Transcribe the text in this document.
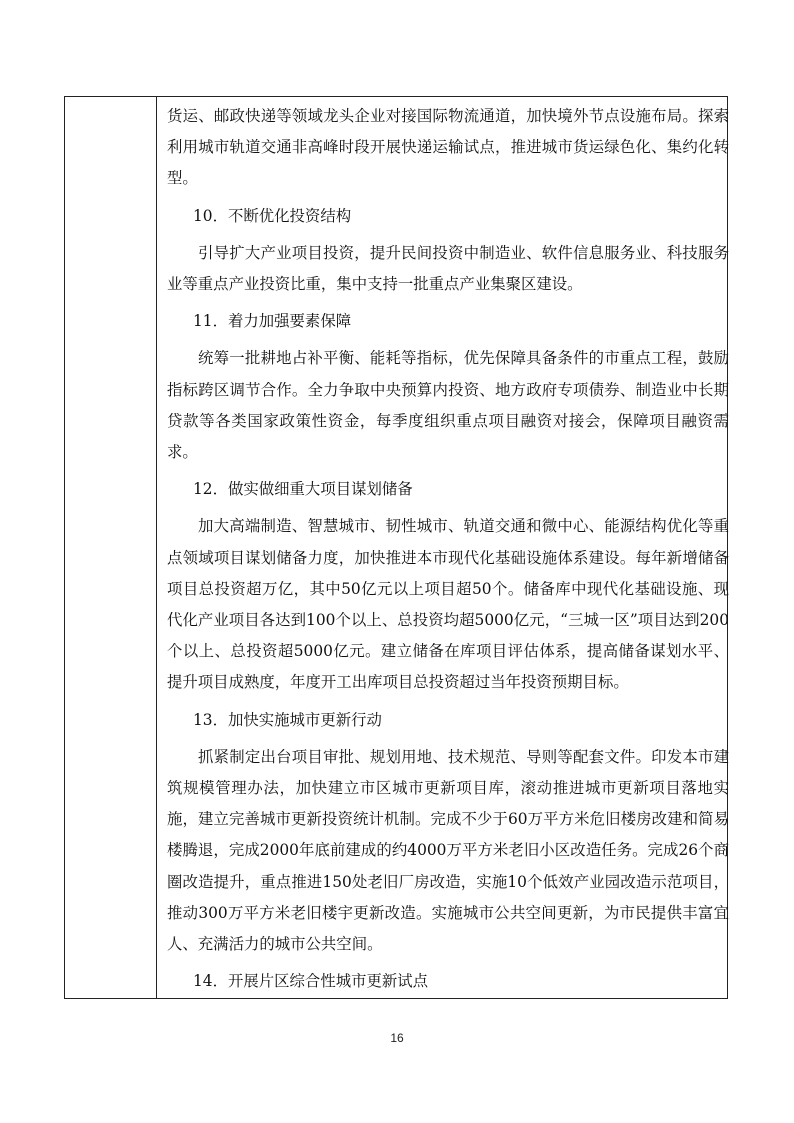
货运、邮政快递等领域龙头企业对接国际物流通道，加快境外节点设施布局。探索利用城市轨道交通非高峰时段开展快递运输试点，推进城市货运绿色化、集约化转型。

10．不断优化投资结构

引导扩大产业项目投资，提升民间投资中制造业、软件信息服务业、科技服务业等重点产业投资比重，集中支持一批重点产业集聚区建设。

11．着力加强要素保障

统筹一批耕地占补平衡、能耗等指标，优先保障具备条件的市重点工程，鼓励指标跨区调节合作。全力争取中央预算内投资、地方政府专项债券、制造业中长期贷款等各类国家政策性资金，每季度组织重点项目融资对接会，保障项目融资需求。

12．做实做细重大项目谋划储备

加大高端制造、智慧城市、韧性城市、轨道交通和微中心、能源结构优化等重点领域项目谋划储备力度，加快推进本市现代化基础设施体系建设。每年新增储备项目总投资超万亿，其中50亿元以上项目超50个。储备库中现代化基础设施、现代化产业项目各达到100个以上、总投资均超5000亿元，“三城一区”项目达到200个以上、总投资超5000亿元。建立储备在库项目评估体系，提高储备谋划水平、提升项目成熟度，年度开工出库项目总投资超过当年投资预期目标。

13．加快实施城市更新行动

抓紧制定出台项目审批、规划用地、技术规范、导则等配套文件。印发本市建筑规模管理办法，加快建立市区城市更新项目库，滚动推进城市更新项目落地实施，建立完善城市更新投资统计机制。完成不少于60万平方米危旧楼房改建和简易楼腾退，完成2000年底前建成的约4000万平方米老旧小区改造任务。完成26个商圈改造提升，重点推进150处老旧厂房改造，实施10个低效产业园改造示范项目，推动300万平方米老旧楼宇更新改造。实施城市公共空间更新，为市民提供丰富宜人、充满活力的城市公共空间。

14．开展片区综合性城市更新试点

16
